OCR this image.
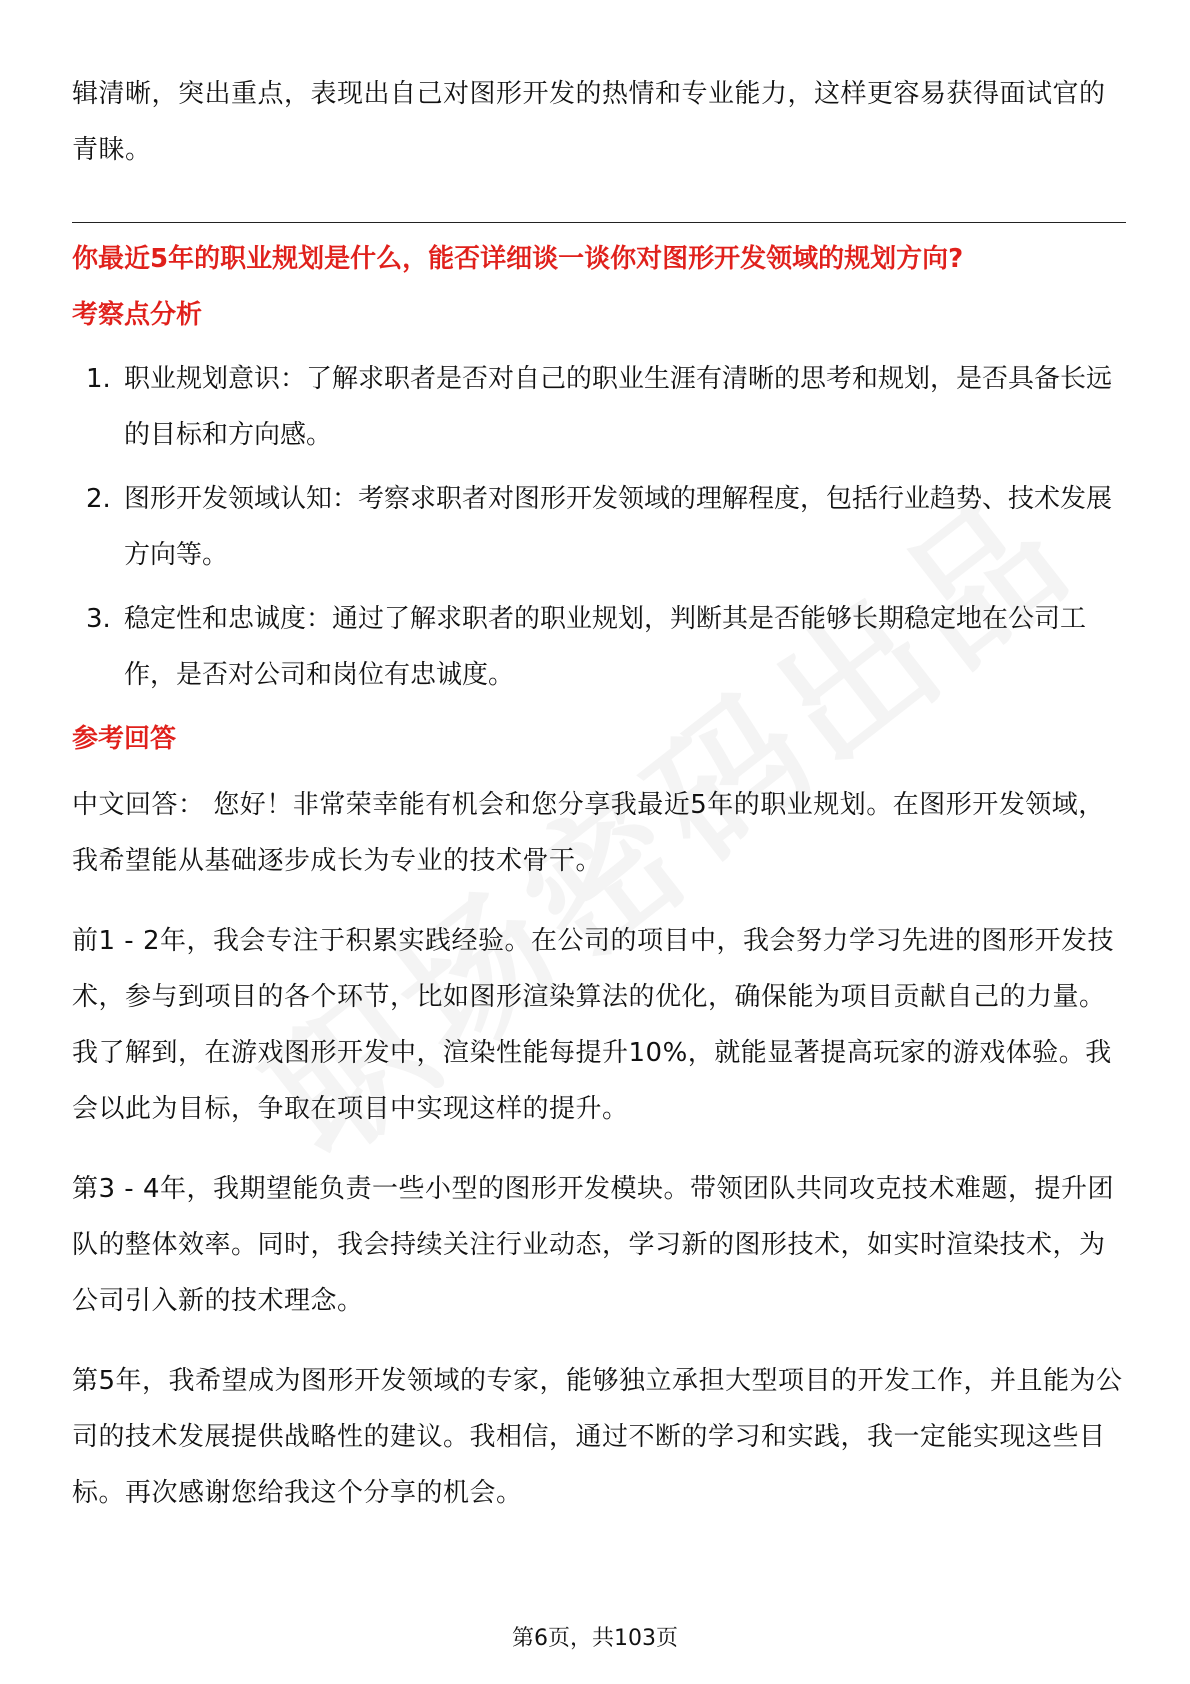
辑清晰，突出重点，表现出自己对图形开发的热情和专业能力，这样更容易获得面试官的青睐。

你最近5年的职业规划是什么，能否详细谈一谈你对图形开发领域的规划方向?

考察点分析

1. 职业规划意识：了解求职者是否对自己的职业生涯有清晰的思考和规划，是否具备长远的目标和方向感。
2. 图形开发领域认知：考察求职者对图形开发领域的理解程度，包括行业趋势、技术发展方向等。
3. 稳定性和忠诚度：通过了解求职者的职业规划，判断其是否能够长期稳定地在公司工作，是否对公司和岗位有忠诚度。

参考回答

中文回答： 您好！非常荣幸能有机会和您分享我最近5年的职业规划。在图形开发领域，我希望能从基础逐步成长为专业的技术骨干。

前1 - 2年，我会专注于积累实践经验。在公司的项目中，我会努力学习先进的图形开发技术，参与到项目的各个环节，比如图形渲染算法的优化，确保能为项目贡献自己的力量。我了解到，在游戏图形开发中，渲染性能每提升10%，就能显著提高玩家的游戏体验。我会以此为目标，争取在项目中实现这样的提升。

第3 - 4年，我期望能负责一些小型的图形开发模块。带领团队共同攻克技术难题，提升团队的整体效率。同时，我会持续关注行业动态，学习新的图形技术，如实时渲染技术，为公司引入新的技术理念。

第5年，我希望成为图形开发领域的专家，能够独立承担大型项目的开发工作，并且能为公司的技术发展提供战略性的建议。我相信，通过不断的学习和实践，我一定能实现这些目标。再次感谢您给我这个分享的机会。

第6页，共103页
